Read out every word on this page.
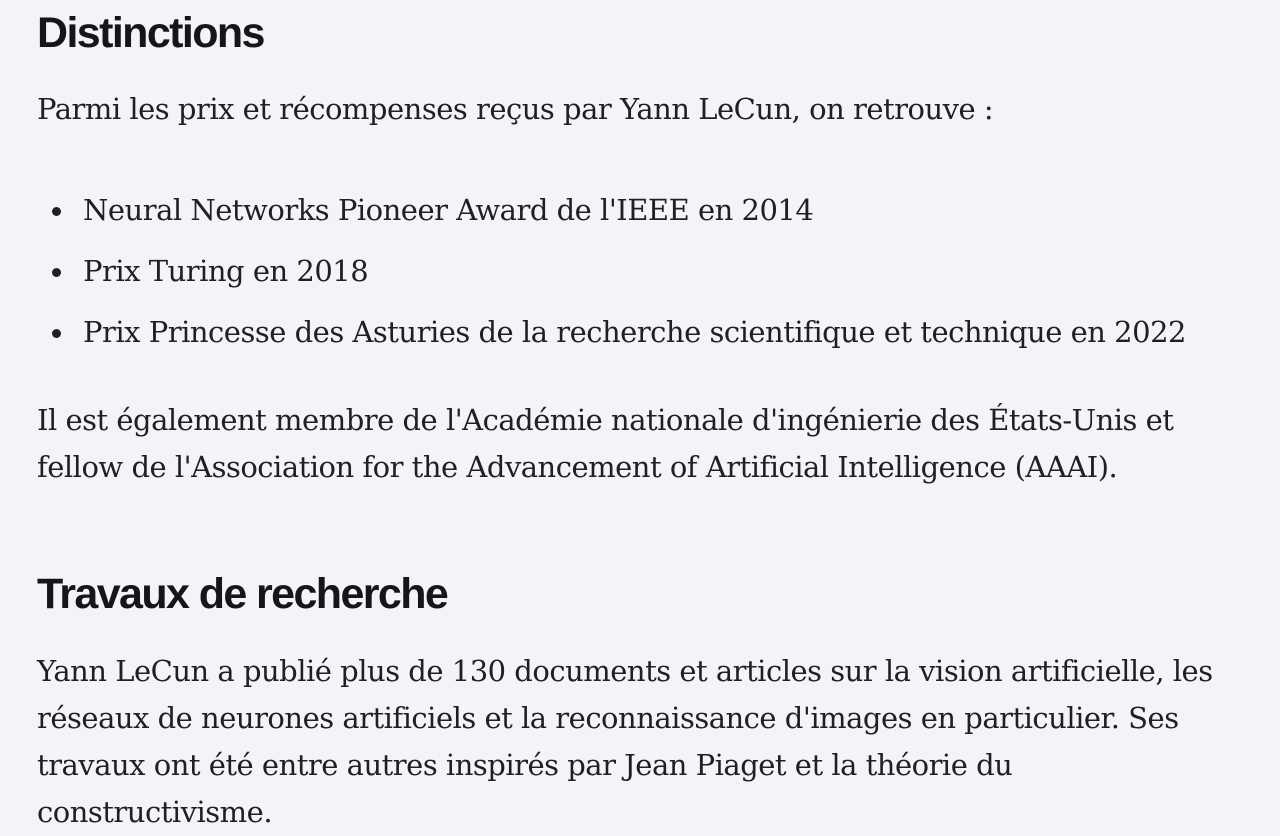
Distinctions

Parmi les prix et récompenses reçus par Yann LeCun, on retrouve :

Neural Networks Pioneer Award de l'IEEE en 2014
Prix Turing en 2018
Prix Princesse des Asturies de la recherche scientifique et technique en 2022

Il est également membre de l'Académie nationale d'ingénierie des États-Unis et fellow de l'Association for the Advancement of Artificial Intelligence (AAAI).

Travaux de recherche

Yann LeCun a publié plus de 130 documents et articles sur la vision artificielle, les réseaux de neurones artificiels et la reconnaissance d'images en particulier. Ses travaux ont été entre autres inspirés par Jean Piaget et la théorie du constructivisme.
